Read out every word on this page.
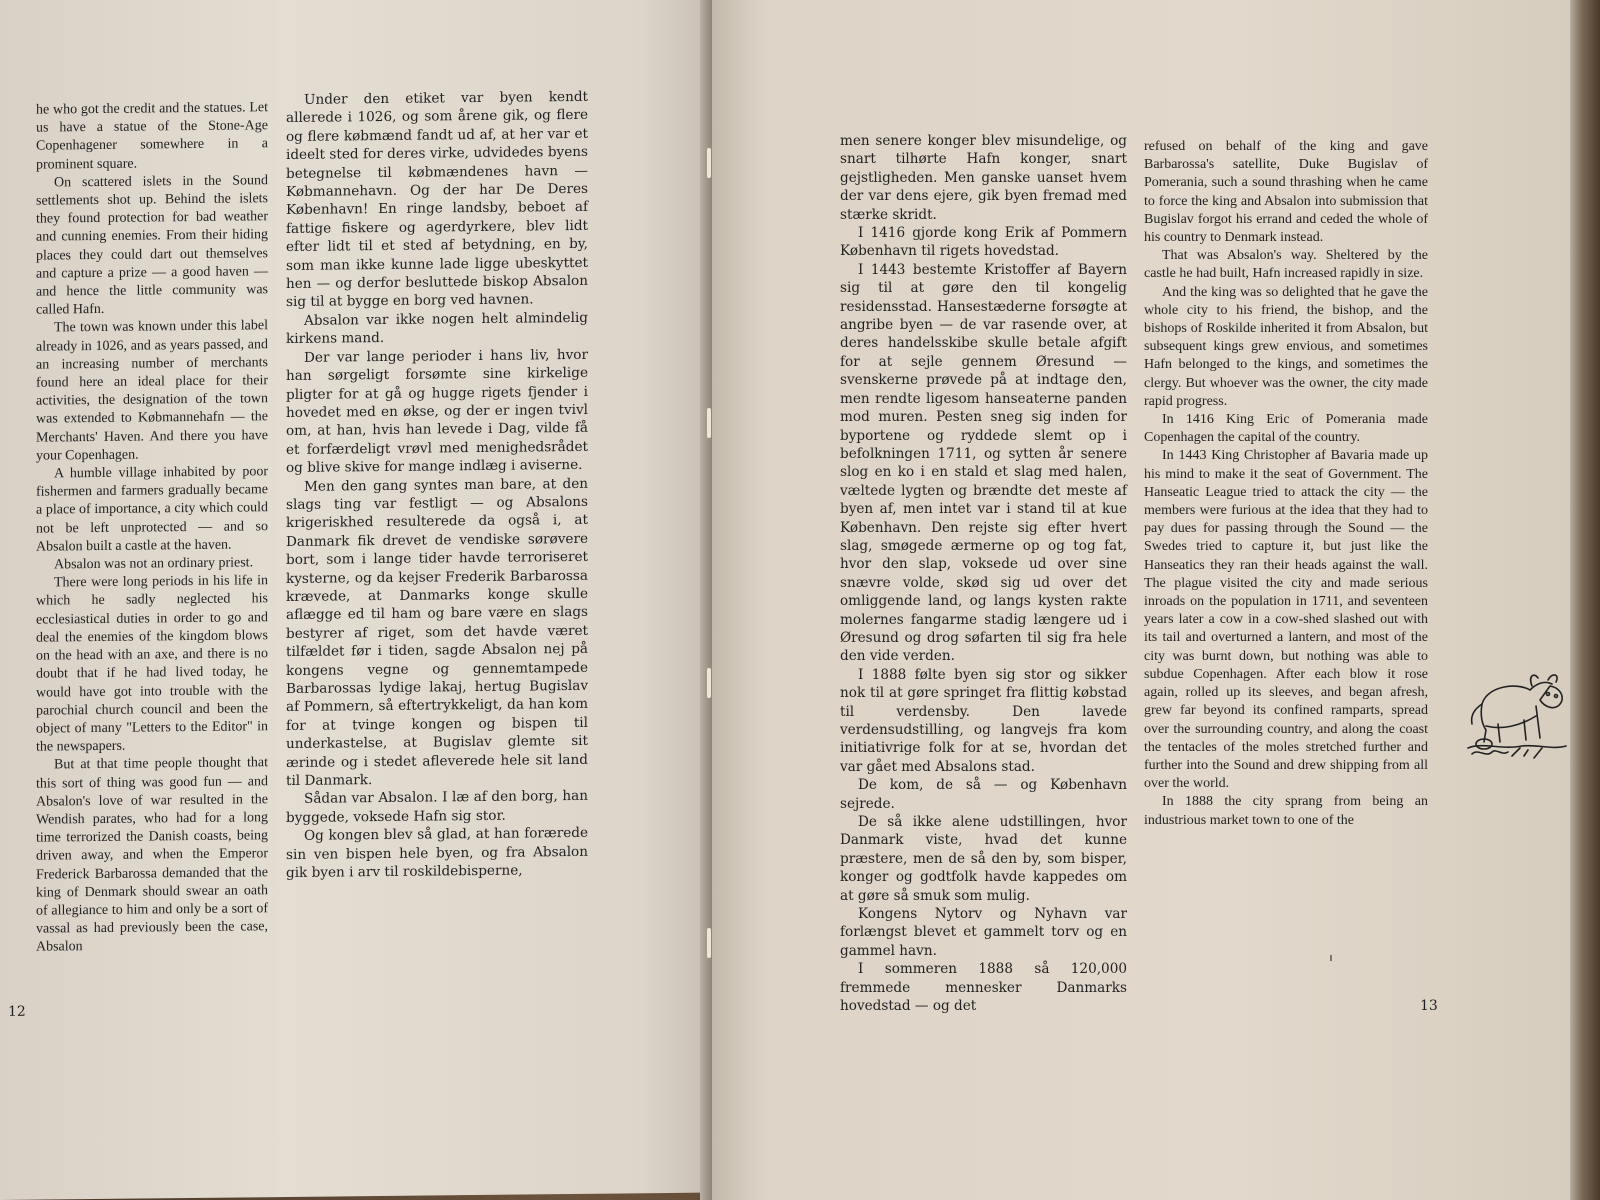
he who got the credit and the statues. Let us have a statue of the Stone-Age Copenhagener somewhere in a prominent square.

On scattered islets in the Sound settlements shot up. Behind the islets they found protection for bad weather and cunning enemies. From their hiding places they could dart out themselves and capture a prize — a good haven — and hence the little community was called Hafn.

The town was known under this label already in 1026, and as years passed, and an increasing number of merchants found here an ideal place for their activities, the designation of the town was extended to Købmannehafn — the Merchants' Haven. And there you have your Copenhagen.

A humble village inhabited by poor fishermen and farmers gradually became a place of importance, a city which could not be left unprotected — and so Absalon built a castle at the haven.

Absalon was not an ordinary priest.

There were long periods in his life in which he sadly neglected his ecclesiastical duties in order to go and deal the enemies of the kingdom blows on the head with an axe, and there is no doubt that if he had lived today, he would have got into trouble with the parochial church council and been the object of many "Letters to the Editor" in the newspapers.

But at that time people thought that this sort of thing was good fun — and Absalon's love of war resulted in the Wendish parates, who had for a long time terrorized the Danish coasts, being driven away, and when the Emperor Frederick Barbarossa demanded that the king of Denmark should swear an oath of allegiance to him and only be a sort of vassal as had previously been the case, Absalon

Under den etiket var byen kendt allerede i 1026, og som årene gik, og flere og flere købmænd fandt ud af, at her var et ideelt sted for deres virke, udvidedes byens betegnelse til købmændenes havn — Købmannehavn. Og der har De Deres København! En ringe landsby, beboet af fattige fiskere og agerdyrkere, blev lidt efter lidt til et sted af betydning, en by, som man ikke kunne lade ligge ubeskyttet hen — og derfor besluttede biskop Absalon sig til at bygge en borg ved havnen.

Absalon var ikke nogen helt almindelig kirkens mand.

Der var lange perioder i hans liv, hvor han sørgeligt forsømte sine kirkelige pligter for at gå og hugge rigets fjender i hovedet med en økse, og der er ingen tvivl om, at han, hvis han levede i Dag, vilde få et forfærdeligt vrøvl med menighedsrådet og blive skive for mange indlæg i aviserne.

Men den gang syntes man bare, at den slags ting var festligt — og Absalons krigeriskhed resulterede da også i, at Danmark fik drevet de vendiske sørøvere bort, som i lange tider havde terroriseret kysterne, og da kejser Frederik Barbarossa krævede, at Danmarks konge skulle aflægge ed til ham og bare være en slags bestyrer af riget, som det havde været tilfældet før i tiden, sagde Absalon nej på kongens vegne og gennemtampede Barbarossas lydige lakaj, hertug Bugislav af Pommern, så eftertrykkeligt, da han kom for at tvinge kongen og bispen til underkastelse, at Bugislav glemte sit ærinde og i stedet afleverede hele sit land til Danmark.

Sådan var Absalon. I læ af den borg, han byggede, voksede Hafn sig stor.

Og kongen blev så glad, at han forærede sin ven bispen hele byen, og fra Absalon gik byen i arv til roskildebisperne,

12

men senere konger blev misundelige, og snart tilhørte Hafn konger, snart gejstligheden. Men ganske uanset hvem der var dens ejere, gik byen fremad med stærke skridt.

I 1416 gjorde kong Erik af Pommern København til rigets hovedstad.

I 1443 bestemte Kristoffer af Bayern sig til at gøre den til kongelig residensstad. Hansestæderne forsøgte at angribe byen — de var rasende over, at deres handelsskibe skulle betale afgift for at sejle gennem Øresund — svenskerne prøvede på at indtage den, men rendte ligesom hanseaterne panden mod muren. Pesten sneg sig inden for byportene og ryddede slemt op i befolkningen 1711, og sytten år senere slog en ko i en stald et slag med halen, væltede lygten og brændte det meste af byen af, men intet var i stand til at kue København. Den rejste sig efter hvert slag, smøgede ærmerne op og tog fat, hvor den slap, voksede ud over sine snævre volde, skød sig ud over det omliggende land, og langs kysten rakte molernes fangarme stadig længere ud i Øresund og drog søfarten til sig fra hele den vide verden.

I 1888 følte byen sig stor og sikker nok til at gøre springet fra flittig købstad til verdensby. Den lavede verdensudstilling, og langvejs fra kom initiativrige folk for at se, hvordan det var gået med Absalons stad.

De kom, de så — og København sejrede.

De så ikke alene udstillingen, hvor Danmark viste, hvad det kunne præstere, men de så den by, som bisper, konger og godtfolk havde kappedes om at gøre så smuk som mulig.

Kongens Nytorv og Nyhavn var forlængst blevet et gammelt torv og en gammel havn.

I sommeren 1888 så 120,000 fremmede mennesker Danmarks hovedstad — og det

refused on behalf of the king and gave Barbarossa's satellite, Duke Bugislav of Pomerania, such a sound thrashing when he came to force the king and Absalon into submission that Bugislav forgot his errand and ceded the whole of his country to Denmark instead.

That was Absalon's way. Sheltered by the castle he had built, Hafn increased rapidly in size.

And the king was so delighted that he gave the whole city to his friend, the bishop, and the bishops of Roskilde inherited it from Absalon, but subsequent kings grew envious, and sometimes Hafn belonged to the kings, and sometimes the clergy. But whoever was the owner, the city made rapid progress.

In 1416 King Eric of Pomerania made Copenhagen the capital of the country.

In 1443 King Christopher af Bavaria made up his mind to make it the seat of Government. The Hanseatic League tried to attack the city — the members were furious at the idea that they had to pay dues for passing through the Sound — the Swedes tried to capture it, but just like the Hanseatics they ran their heads against the wall. The plague visited the city and made serious inroads on the population in 1711, and seventeen years later a cow in a cow-shed slashed out with its tail and overturned a lantern, and most of the city was burnt down, but nothing was able to subdue Copenhagen. After each blow it rose again, rolled up its sleeves, and began afresh, grew far beyond its confined ramparts, spread over the surrounding country, and along the coast the tentacles of the moles stretched further and further into the Sound and drew shipping from all over the world.

In 1888 the city sprang from being an industrious market town to one of the

13
